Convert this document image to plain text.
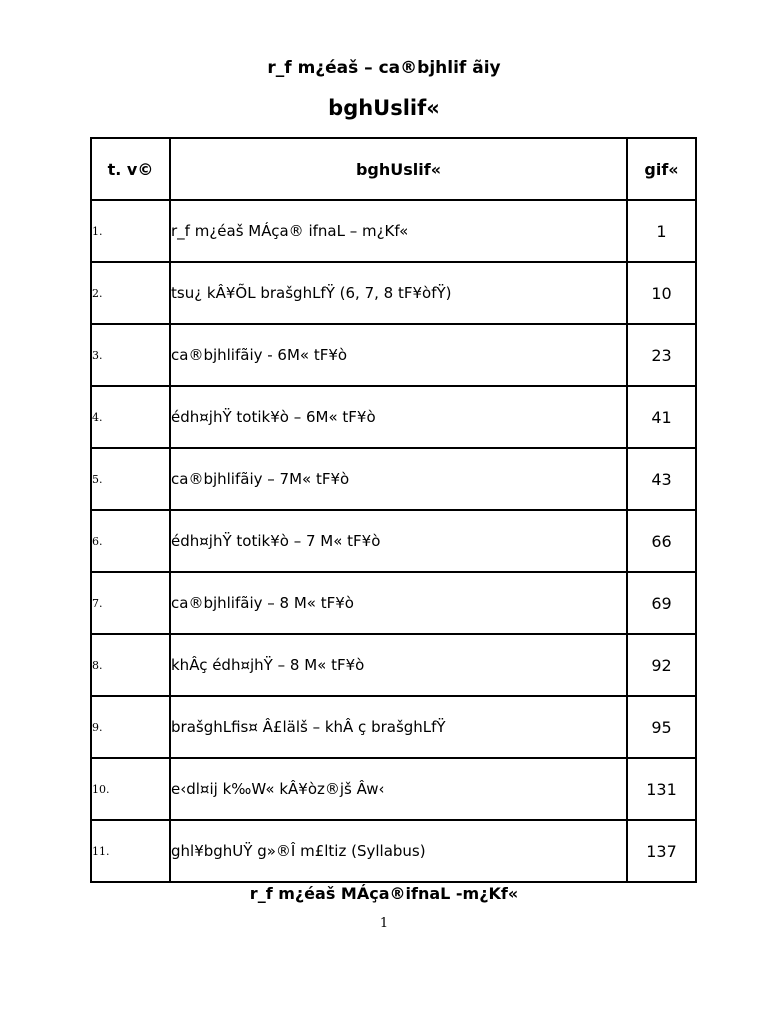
r_f m¿éaš – ca®bjhlif ãiy
bghUslif«
t. v©	bghUslif«	gif«
1.	r_f m¿éaš MÁça® ifnaL – m¿Kf«	1
2.	tsu¿ kÂ¥ÕL brašghLfŸ (6, 7, 8 tF¥òfŸ)	10
3.	ca®bjhlifãiy - 6M« tF¥ò	23
4.	édh¤jhŸ totik¥ò – 6M« tF¥ò	41
5.	ca®bjhlifãiy – 7M« tF¥ò	43
6.	édh¤jhŸ totik¥ò – 7 M« tF¥ò	66
7.	ca®bjhlifãiy – 8 M« tF¥ò	69
8.	khÂç édh¤jhŸ – 8 M« tF¥ò	92
9.	brašghLfis¤ Â£lälš – khÂ ç brašghLfŸ	95
10.	e‹dl¤ij k‰W« kÂ¥òz®jš Âw‹	131
11.	ghl¥bghUŸ g»®Î m£ltiz (Syllabus)	137
r_f m¿éaš MÁça®ifnaL -m¿Kf«
1
